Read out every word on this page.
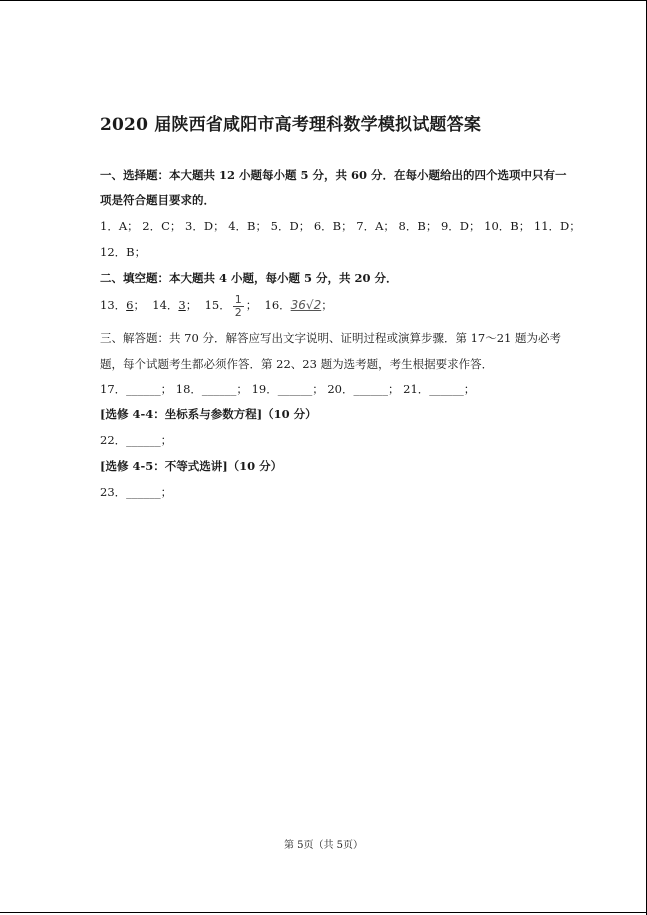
2020 届陕西省咸阳市高考理科数学模拟试题答案
一、选择题：本大题共 12 小题每小题 5 分，共 60 分．在每小题给出的四个选项中只有一
项是符合题目要求的．
1．A； 2．C； 3．D； 4．B； 5．D； 6．B； 7．A； 8．B； 9．D； 10．B； 11．D；
12．B；
二、填空题：本大题共 4 小题，每小题 5 分，共 20 分．
13．6； 14．3； 15． $\frac{1}{2}$ ； 16．36√2；
三、解答题：共 70 分．解答应写出文字说明、证明过程或演算步骤．第 17～21 题为必考
题，每个试题考生都必须作答．第 22、23 题为选考题，考生根据要求作答．
17．______； 18．______； 19．______； 20．______； 21．______；
[选修 4-4：坐标系与参数方程]（10 分）
22．______；
[选修 4-5：不等式选讲]（10 分）
23．______；
第 5页（共 5页）
